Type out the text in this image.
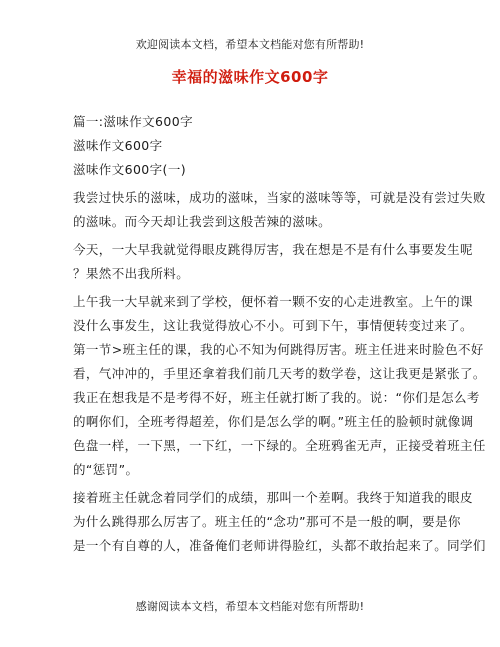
欢迎阅读本文档，希望本文档能对您有所帮助!
幸福的滋味作文600字
篇一:滋味作文600字
滋味作文600字
滋味作文600字(一)
我尝过快乐的滋味，成功的滋味，当家的滋味等等，可就是没有尝过失败
的滋味。而今天却让我尝到这般苦辣的滋味。
今天，一大早我就觉得眼皮跳得厉害，我在想是不是有什么事要发生呢
？果然不出我所料。
上午我一大早就来到了学校，便怀着一颗不安的心走进教室。上午的课
没什么事发生，这让我觉得放心不小。可到下午，事情便转变过来了。
第一节>班主任的课，我的心不知为何跳得厉害。班主任进来时脸色不好
看，气冲冲的，手里还拿着我们前几天考的数学卷，这让我更是紧张了。
我正在想我是不是考得不好，班主任就打断了我的。说：“你们是怎么考
的啊你们，全班考得超差，你们是怎么学的啊。”班主任的脸顿时就像调
色盘一样，一下黑，一下红，一下绿的。全班鸦雀无声，正接受着班主任
的“惩罚”。
接着班主任就念着同学们的成绩，那叫一个差啊。我终于知道我的眼皮
为什么跳得那么厉害了。班主任的“念功”那可不是一般的啊，要是你
是一个有自尊的人，准备俺们老师讲得脸红，头都不敢抬起来了。同学们
感谢阅读本文档，希望本文档能对您有所帮助!
